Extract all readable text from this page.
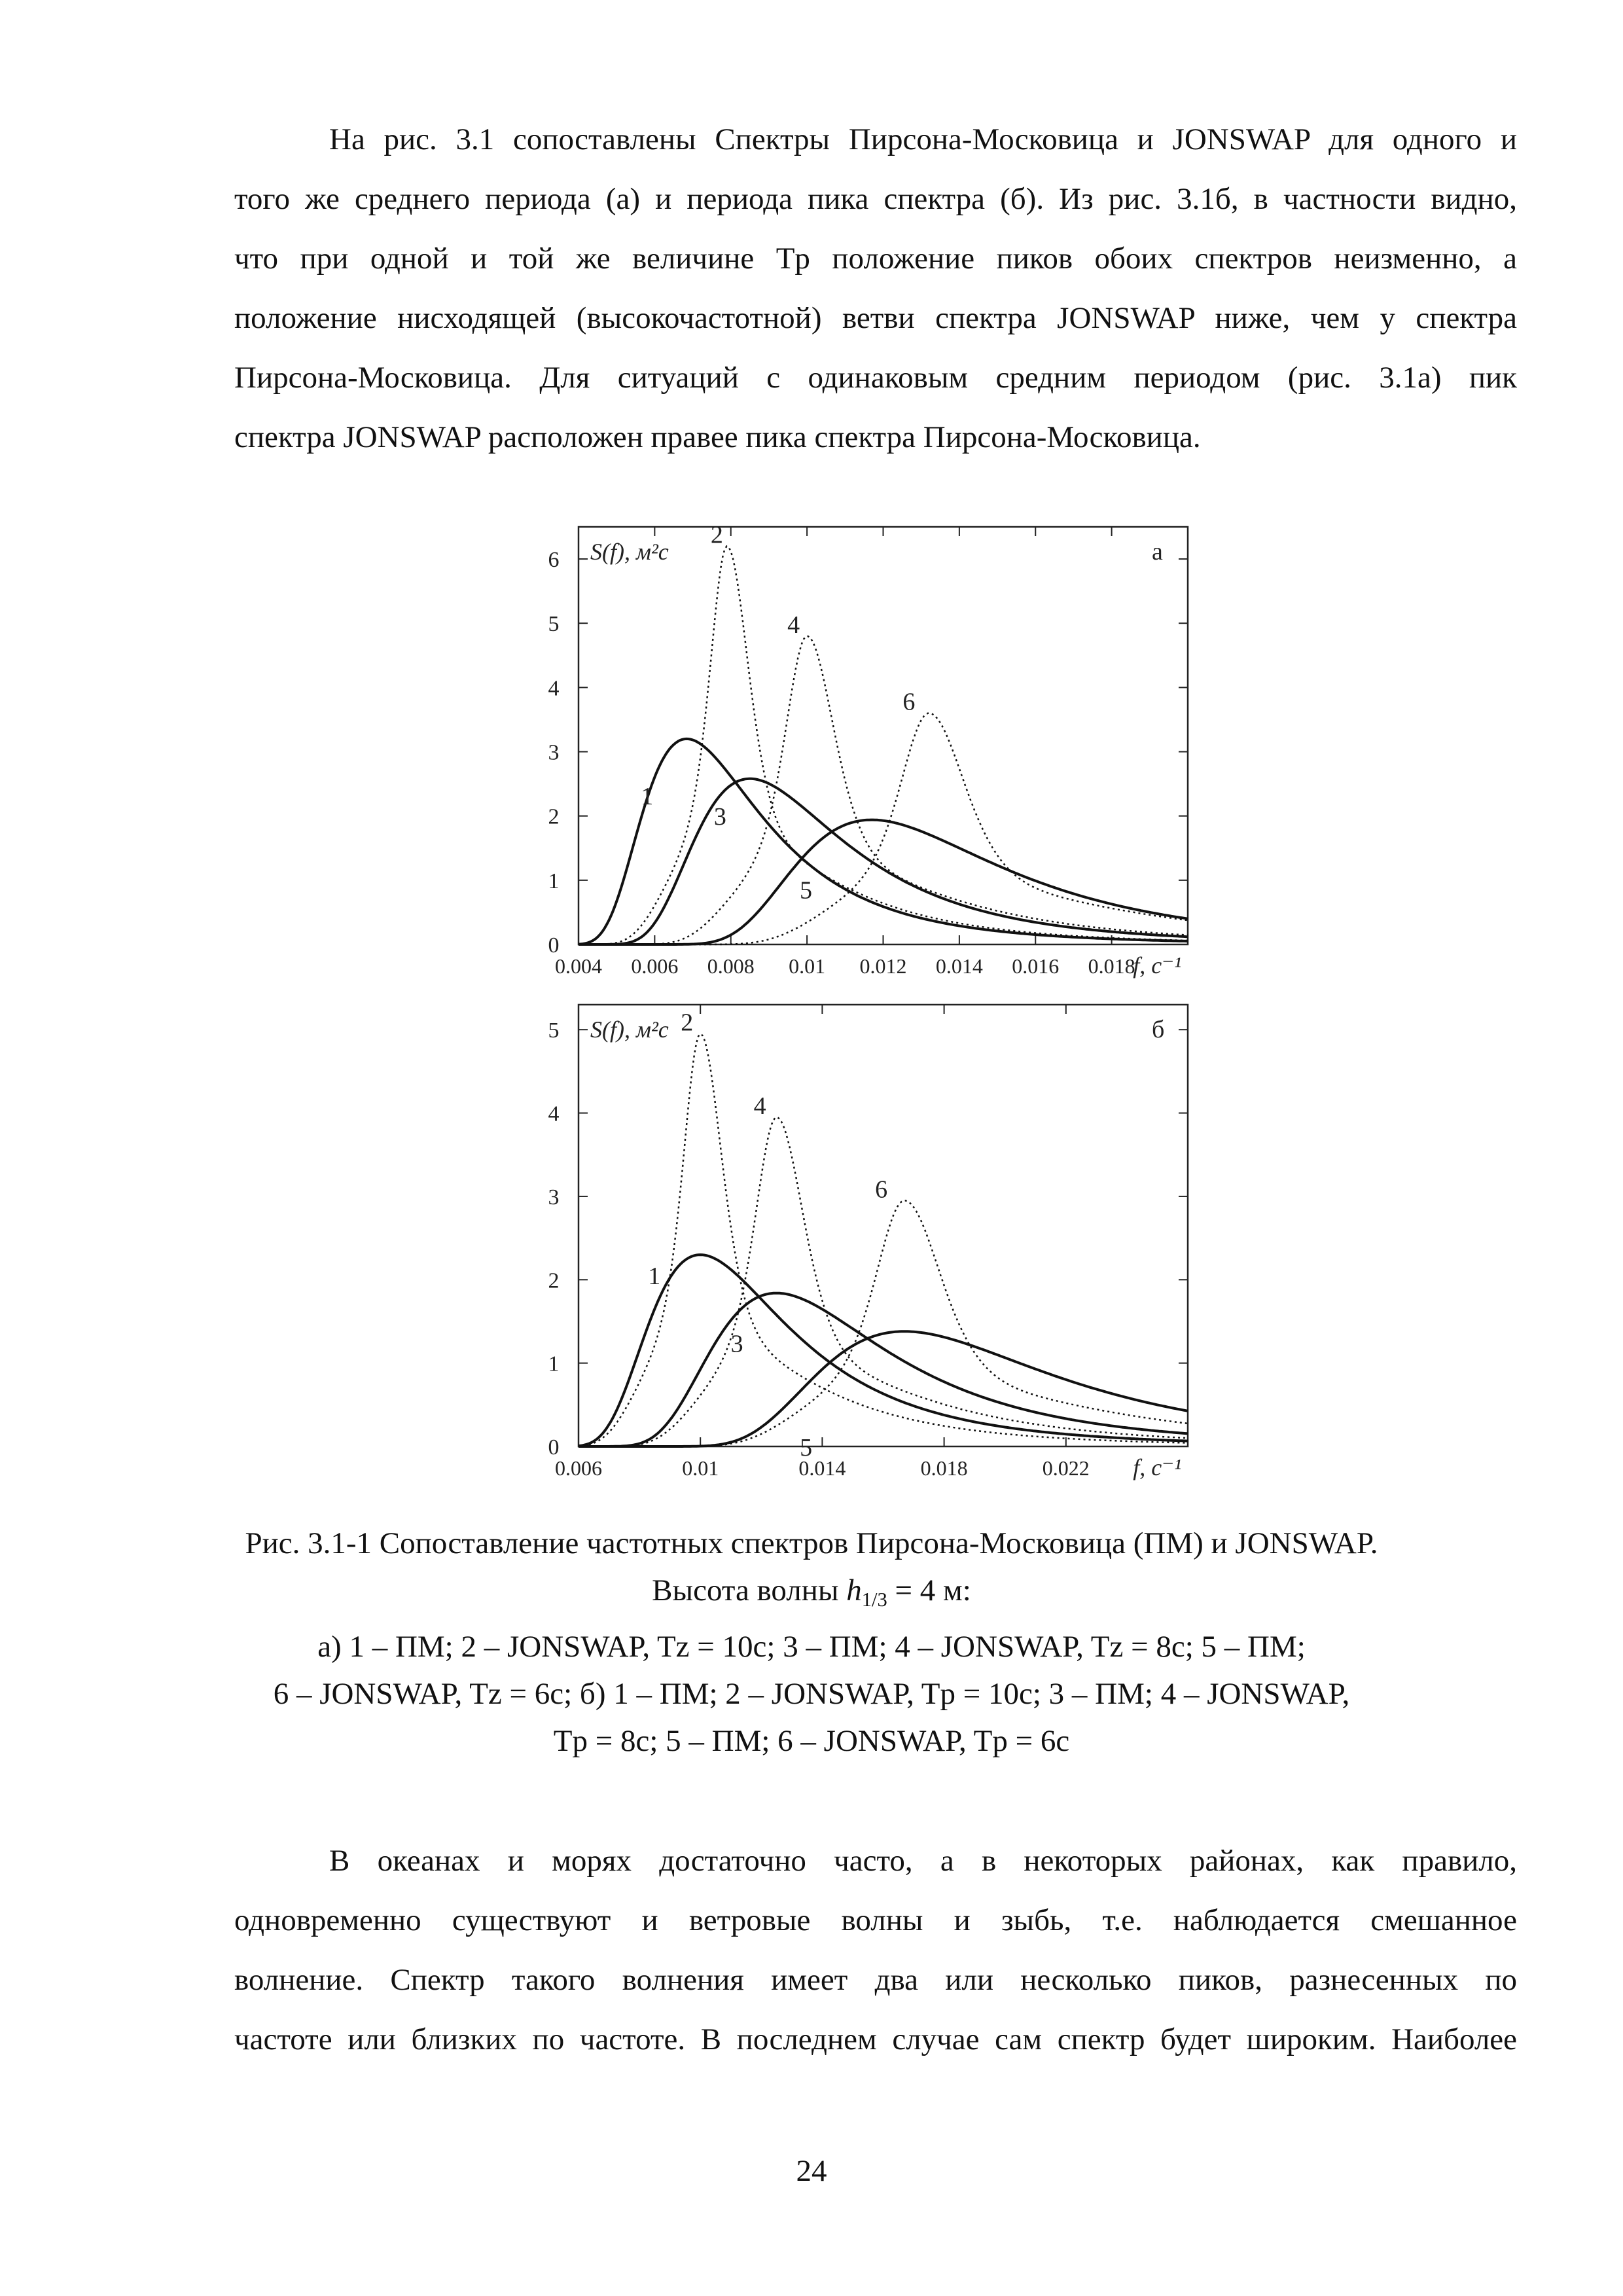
На рис. 3.1 сопоставлены Спектры Пирсона-Московица и JONSWAP для одного и
того же среднего периода (а) и периода пика спектра (б). Из рис. 3.1б, в частности видно,
что при одной и той же величине Tp положение пиков обоих спектров неизменно, а
положение нисходящей (высокочастотной) ветви спектра JONSWAP ниже, чем у спектра
Пирсона-Московица. Для ситуаций с одинаковым средним периодом (рис. 3.1а) пик
спектра JONSWAP расположен правее пика спектра Пирсона-Московица.
0
1
2
3
4
5
6
0.004 0.006 0.008 0.01 0.012 0.014 0.016 0.018
S(f), м²с
f, с⁻¹
а
1
2
3
4
5
6
0
1
2
3
4
5
0.006	0.01	0.014	0.018	0.022
S(f), м²с
f, с⁻¹
б
1
2
3
4
5
6
Рис. 3.1-1 Сопоставление частотных спектров Пирсона-Московица (ПМ) и JONSWAP.
Высота волны $h_{1/3} = 4$ м:
а) 1 – ПМ; 2 – JONSWAP, Tz = 10с; 3 – ПМ; 4 – JONSWAP, Tz = 8с; 5 – ПМ;
6 – JONSWAP, Tz = 6с; б) 1 – ПМ; 2 – JONSWAP, Tp = 10с; 3 – ПМ; 4 – JONSWAP,
Tp = 8с; 5 – ПМ; 6 – JONSWAP, Tp = 6с
В океанах и морях достаточно часто, а в некоторых районах, как правило,
одновременно существуют и ветровые волны и зыбь, т.е. наблюдается смешанное
волнение. Спектр такого волнения имеет два или несколько пиков, разнесенных по
частоте или близких по частоте. В последнем случае сам спектр будет широким. Наиболее
24
